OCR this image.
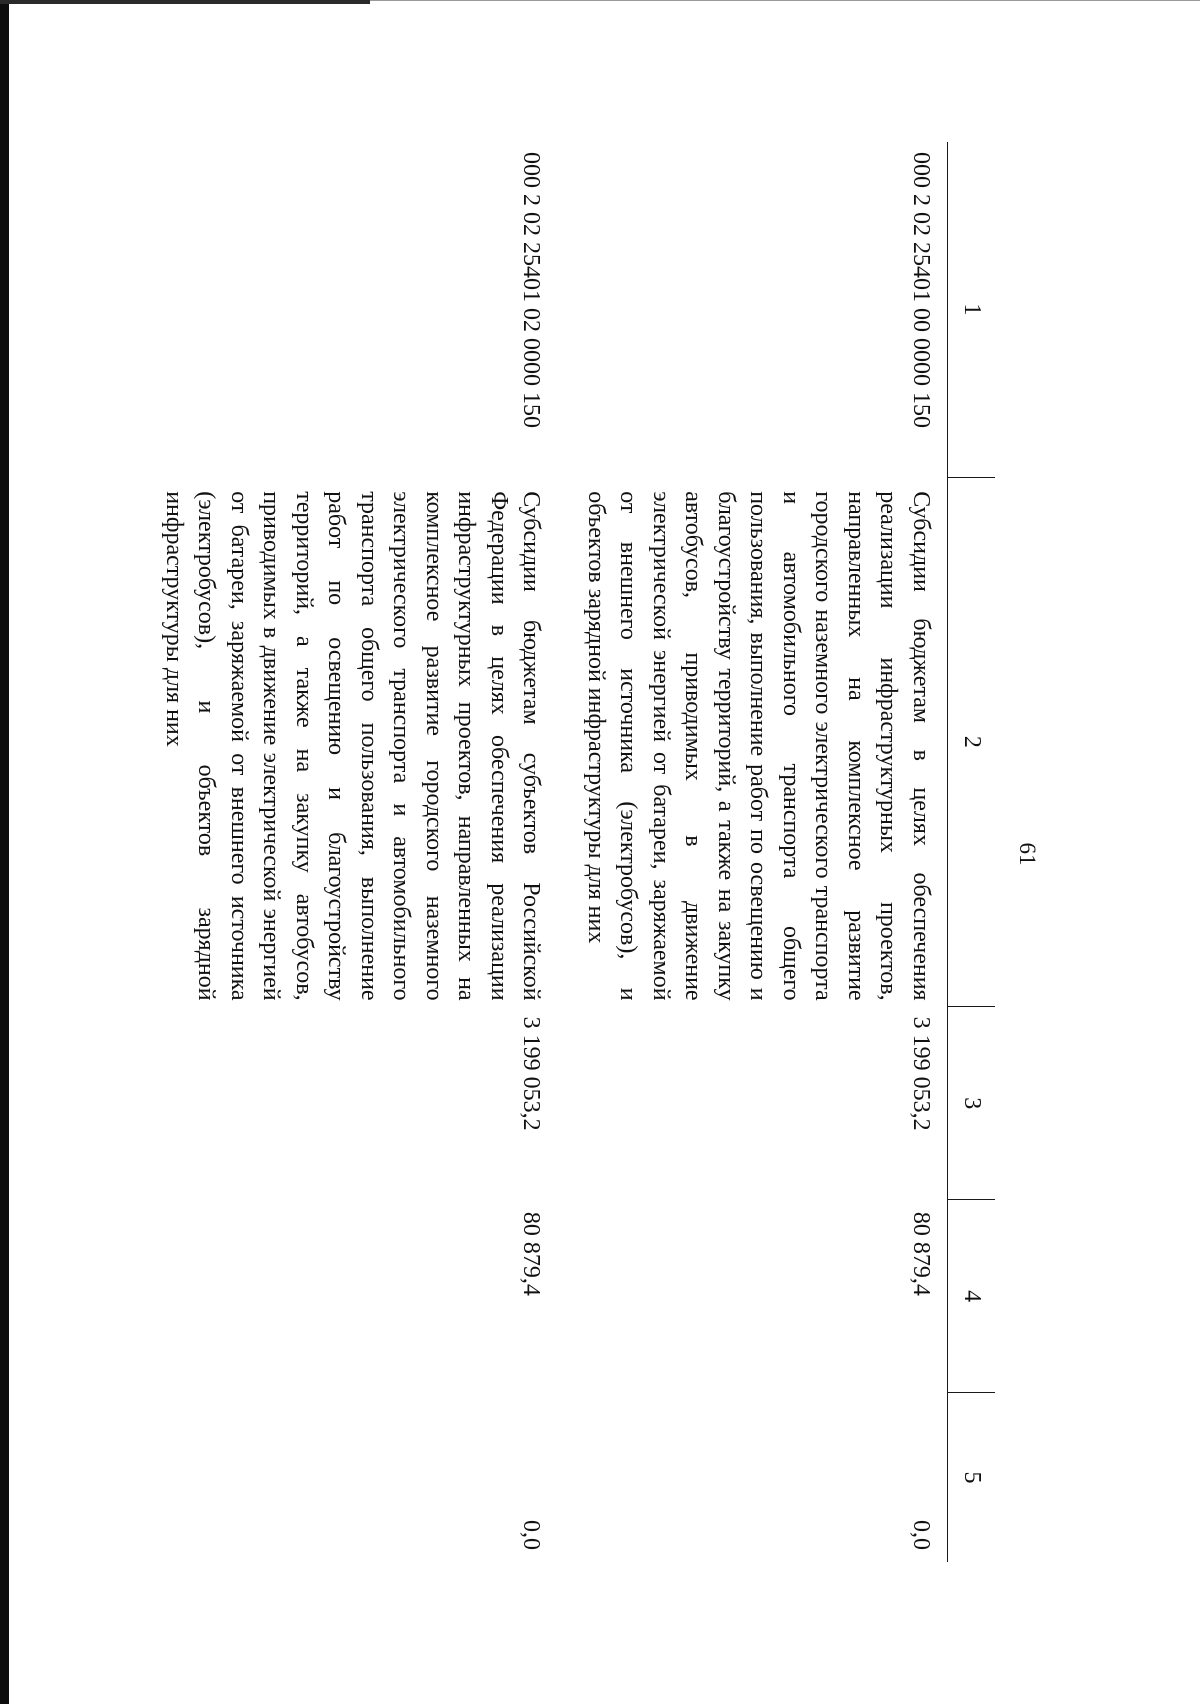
61
1	2	3	4	5
000 2 02 25401 00 0000 150	Субсидии бюджетам в целях обеспечения реализации инфраструктурных проектов, направленных на комплексное развитие городского наземного электрического транспорта и автомобильного транспорта общего пользования, выполнение работ по освещению и благоустройству территорий, а также на закупку автобусов, приводимых в движение электрической энергией от батареи, заряжаемой от внешнего источника (электробусов), и объектов зарядной инфраструктуры для них	3 199 053,2	80 879,4	0,0
000 2 02 25401 02 0000 150	Субсидии бюджетам субъектов Российской Федерации в целях обеспечения реализации инфраструктурных проектов, направленных на комплексное развитие городского наземного электрического транспорта и автомобильного транспорта общего пользования, выполнение работ по освещению и благоустройству территорий, а также на закупку автобусов, приводимых в движение электрической энергией от батареи, заряжаемой от внешнего источника (электробусов), и объектов зарядной инфраструктуры для них	3 199 053,2	80 879,4	0,0
